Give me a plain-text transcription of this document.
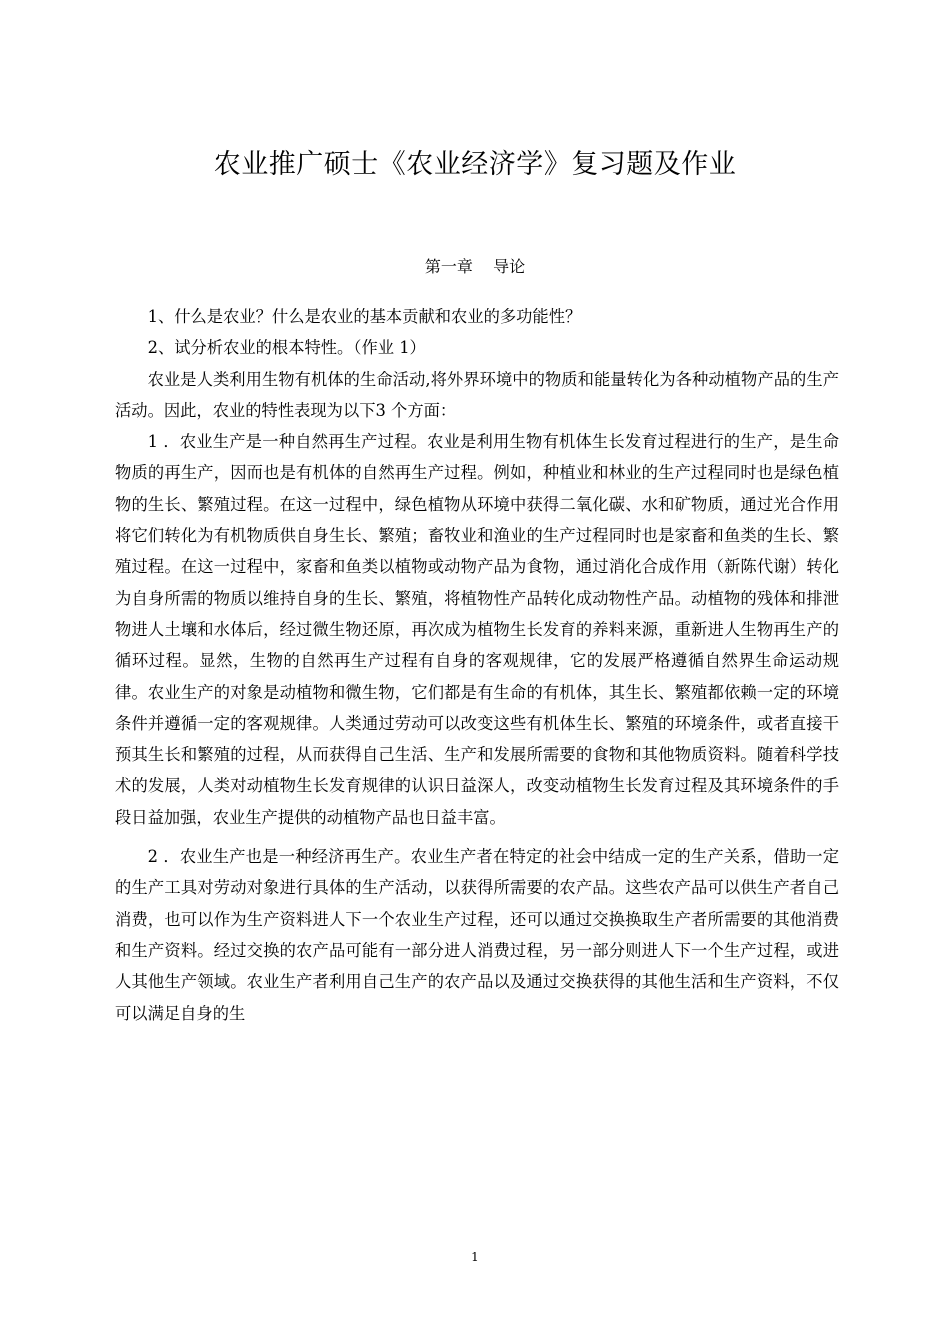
农业推广硕士《农业经济学》复习题及作业
第一章    导论

1、什么是农业？什么是农业的基本贡献和农业的多功能性？

2、试分析农业的根本特性。（作业 1）

农业是人类利用生物有机体的生命活动,将外界环境中的物质和能量转化为各种动植物产品的生产活动。因此，农业的特性表现为以下3 个方面：

1 ．农业生产是一种自然再生产过程。农业是利用生物有机体生长发育过程进行的生产，是生命物质的再生产，因而也是有机体的自然再生产过程。例如，种植业和林业的生产过程同时也是绿色植物的生长、繁殖过程。在这一过程中，绿色植物从环境中获得二氧化碳、水和矿物质，通过光合作用将它们转化为有机物质供自身生长、繁殖；畜牧业和渔业的生产过程同时也是家畜和鱼类的生长、繁殖过程。在这一过程中，家畜和鱼类以植物或动物产品为食物，通过消化合成作用（新陈代谢）转化为自身所需的物质以维持自身的生长、繁殖，将植物性产品转化成动物性产品。动植物的残体和排泄物进人土壤和水体后，经过微生物还原，再次成为植物生长发育的养料来源，重新进人生物再生产的循环过程。显然，生物的自然再生产过程有自身的客观规律，它的发展严格遵循自然界生命运动规律。农业生产的对象是动植物和微生物，它们都是有生命的有机体，其生长、繁殖都依赖一定的环境条件并遵循一定的客观规律。人类通过劳动可以改变这些有机体生长、繁殖的环境条件，或者直接干预其生长和繁殖的过程，从而获得自己生活、生产和发展所需要的食物和其他物质资料。随着科学技术的发展，人类对动植物生长发育规律的认识日益深人，改变动植物生长发育过程及其环境条件的手段日益加强，农业生产提供的动植物产品也日益丰富。

2 ．农业生产也是一种经济再生产。农业生产者在特定的社会中结成一定的生产关系，借助一定的生产工具对劳动对象进行具体的生产活动，以获得所需要的农产品。这些农产品可以供生产者自己消费，也可以作为生产资料进人下一个农业生产过程，还可以通过交换换取生产者所需要的其他消费和生产资料。经过交换的农产品可能有一部分进人消费过程，另一部分则进人下一个生产过程，或进人其他生产领域。农业生产者利用自己生产的农产品以及通过交换获得的其他生活和生产资料，不仅可以满足自身的生

1
